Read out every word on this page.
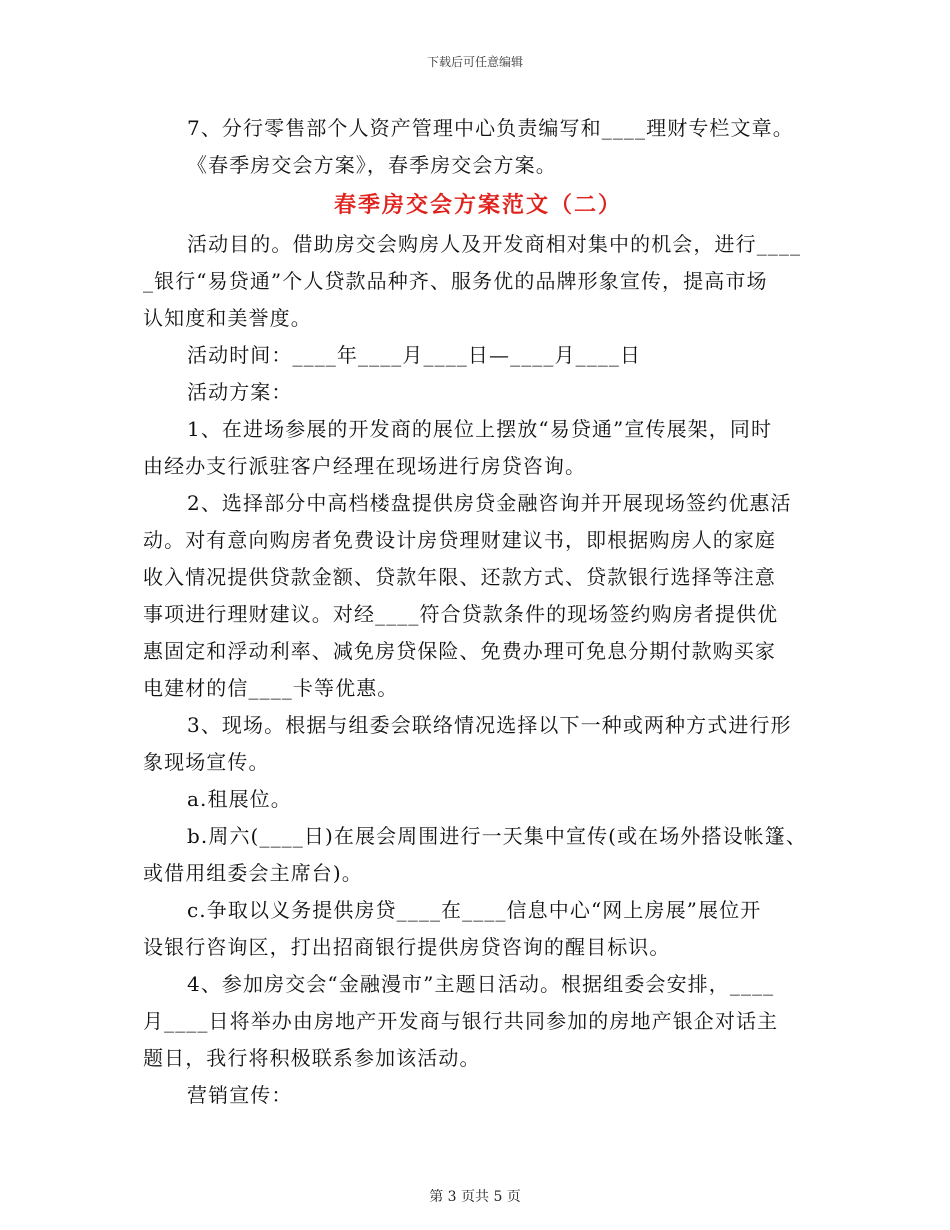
下载后可任意编辑
7、分行零售部个人资产管理中心负责编写和____理财专栏文章。
《春季房交会方案》，春季房交会方案。
春季房交会方案范文（二）
活动目的。借助房交会购房人及开发商相对集中的机会，进行____
_银行“易贷通”个人贷款品种齐、服务优的品牌形象宣传，提高市场
认知度和美誉度。
活动时间：____年____月____日—____月____日
活动方案：
1、在进场参展的开发商的展位上摆放“易贷通”宣传展架，同时
由经办支行派驻客户经理在现场进行房贷咨询。
2、选择部分中高档楼盘提供房贷金融咨询并开展现场签约优惠活
动。对有意向购房者免费设计房贷理财建议书，即根据购房人的家庭
收入情况提供贷款金额、贷款年限、还款方式、贷款银行选择等注意
事项进行理财建议。对经____符合贷款条件的现场签约购房者提供优
惠固定和浮动利率、减免房贷保险、免费办理可免息分期付款购买家
电建材的信____卡等优惠。
3、现场。根据与组委会联络情况选择以下一种或两种方式进行形
象现场宣传。
a.租展位。
b.周六(____日)在展会周围进行一天集中宣传(或在场外搭设帐篷、
或借用组委会主席台)。
c.争取以义务提供房贷____在____信息中心“网上房展”展位开
设银行咨询区，打出招商银行提供房贷咨询的醒目标识。
4、参加房交会“金融漫市”主题日活动。根据组委会安排，____
月____日将举办由房地产开发商与银行共同参加的房地产银企对话主
题日，我行将积极联系参加该活动。
营销宣传：
第 3 页共 5 页
